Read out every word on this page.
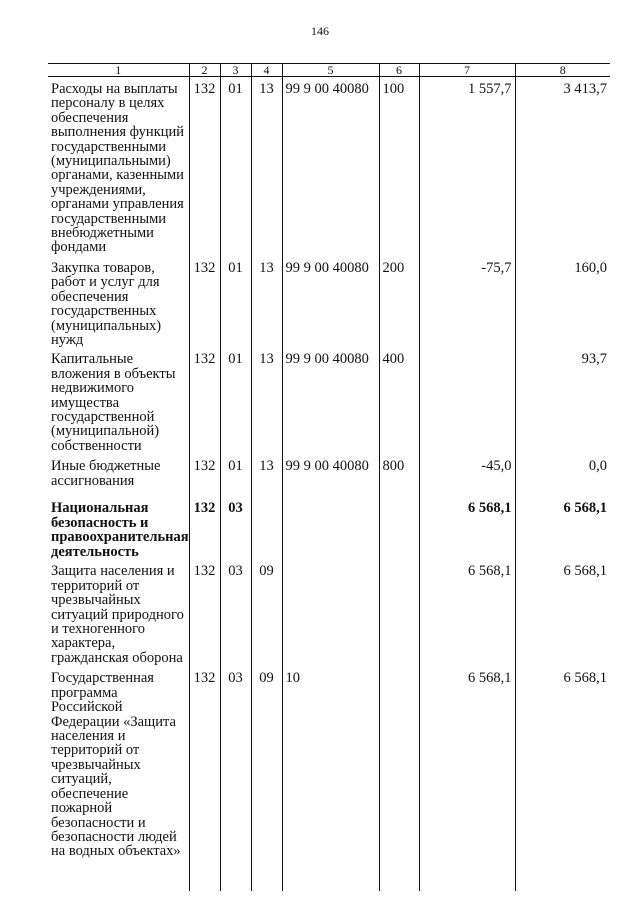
146
1	2	3	4	5	6	7	8
Расходы на выплаты персоналу в целях обеспечения выполнения функций государственными (муниципальными) органами, казенными учреждениями, органами управления государственными внебюджетными фондами	132	01	13	99 9 00 40080	100	1 557,7	3 413,7
Закупка товаров, работ и услуг для обеспечения государственных (муниципальных) нужд	132	01	13	99 9 00 40080	200	-75,7	160,0
Капитальные вложения в объекты недвижимого имущества государственной (муниципальной) собственности	132	01	13	99 9 00 40080	400		93,7
Иные бюджетные ассигнования	132	01	13	99 9 00 40080	800	-45,0	0,0
Национальная безопасность и правоохранительная деятельность	132	03				6 568,1	6 568,1
Защита населения и территорий от чрезвычайных ситуаций природного и техногенного характера, гражданская оборона	132	03	09			6 568,1	6 568,1
Государственная программа Российской Федерации «Защита населения и территорий от чрезвычайных ситуаций, обеспечение пожарной безопасности и безопасности людей на водных объектах»	132	03	09	10		6 568,1	6 568,1
